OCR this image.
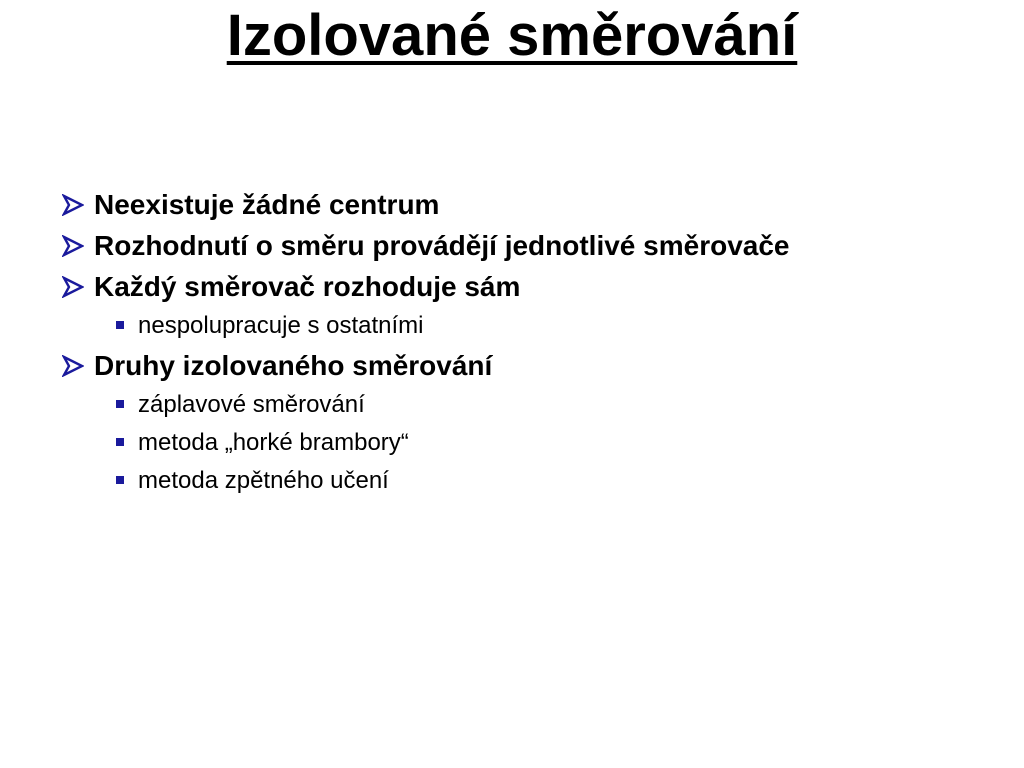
Izolované směrování
Neexistuje žádné centrum
Rozhodnutí o směru provádějí jednotlivé směrovače
Každý směrovač rozhoduje sám
nespolupracuje s ostatními
Druhy izolovaného směrování
záplavové směrování
metoda „horké brambory“
metoda zpětného učení
